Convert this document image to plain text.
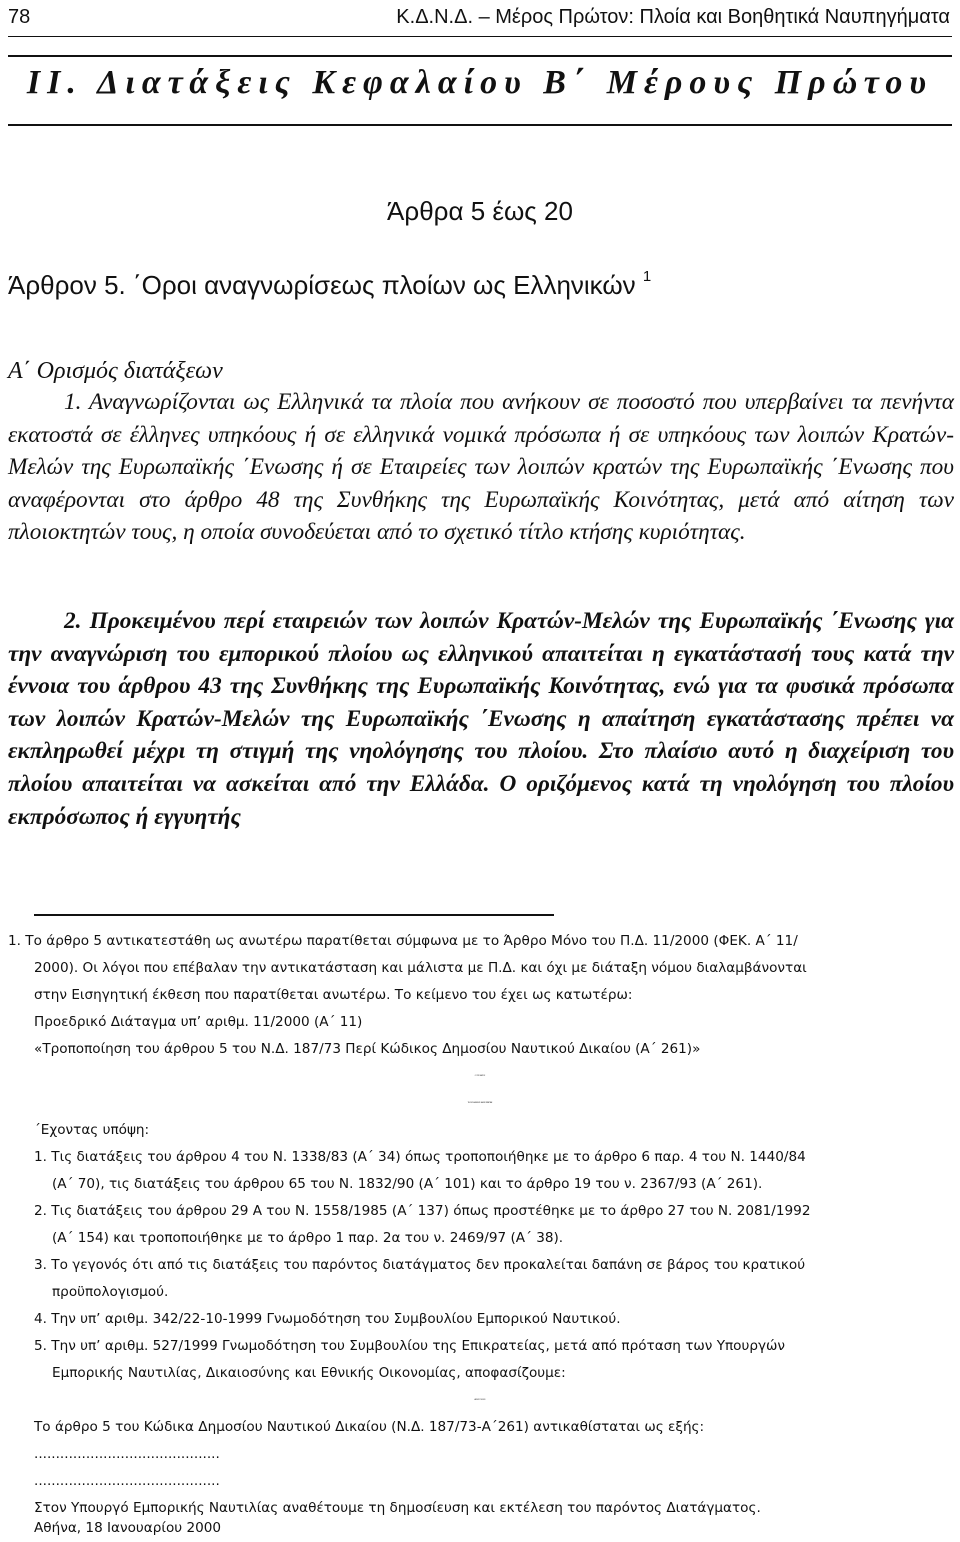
78	Κ.Δ.Ν.Δ. – Μέρος Πρώτον: Πλοία και Βοηθητικά Ναυπηγήματα
ΙΙ. Διατάξεις Κεφαλαίου Β΄ Μέρους Πρώτου
Άρθρα 5 έως 20
Άρθρον 5. ΄Οροι αναγνωρίσεως πλοίων ως Ελληνικών $^1$
Α΄ Ορισμός διατάξεων
1. Αναγνωρίζονται ως Ελληνικά τα πλοία που ανήκουν σε ποσοστό που υπερβαίνει τα πενήντα εκατοστά σε έλληνες υπηκόους ή σε ελληνικά νομικά πρόσωπα ή σε υπηκόους των λοιπών Κρατών-Μελών της Ευρωπαϊκής ΄Ενωσης ή σε Εταιρείες των λοιπών κρατών της Ευρωπαϊκής ΄Ενωσης που αναφέρονται στο άρθρο 48 της Συνθήκης της Ευρωπαϊκής Κοινότητας, μετά από αίτηση των πλοιοκτητών τους, η οποία συνοδεύεται από το σχετικό τίτλο κτήσης κυριότητας.
2. Προκειμένου περί εταιρειών των λοιπών Κρατών-Μελών της Ευρωπαϊκής ΄Ενωσης για την αναγνώριση του εμπορικού πλοίου ως ελληνικού απαιτείται η εγκατάστασή τους κατά την έννοια του άρθρου 43 της Συνθήκης της Ευρωπαϊκής Κοινότητας, ενώ για τα φυσικά πρόσωπα των λοιπών Κρατών-Μελών της Ευρωπαϊκής ΄Ενωσης η απαίτηση εγκατάστασης πρέπει να εκπληρωθεί μέχρι τη στιγμή της νηολόγησης του πλοίου. Στο πλαίσιο αυτό η διαχείριση του πλοίου απαιτείται να ασκείται από την Ελλάδα. Ο οριζόμενος κατά τη νηολόγηση του πλοίου εκπρόσωπος ή εγγυητής
1. Το άρθρο 5 αντικατεστάθη ως ανωτέρω παρατίθεται σύμφωνα με το Άρθρο Μόνο του Π.Δ. 11/2000 (ΦΕΚ. Α΄ 11/
2000). Οι λόγοι που επέβαλαν την αντικατάσταση και μάλιστα με Π.Δ. και όχι με διάταξη νόμου διαλαμβάνονται
στην Εισηγητική έκθεση που παρατίθεται ανωτέρω. Το κείμενο του έχει ως κατωτέρω:
Προεδρικό Διάταγμα υπ’ αριθμ. 11/2000 (Α΄ 11)
«Τροποποίηση του άρθρου 5 του Ν.Δ. 187/73 Περί Κώδικος Δημοσίου Ναυτικού Δικαίου (Α΄ 261)»
Ο ΠΡΟΕΔΡΟΣ
ΤΗΣ ΕΛΛΗΝΙΚΗΣ ΔΗΜΟΚΡΑΤΙΑΣ
΄Εχοντας υπόψη:
1. Τις διατάξεις του άρθρου 4 του Ν. 1338/83 (Α΄ 34) όπως τροποποιήθηκε με το άρθρο 6 παρ. 4 του Ν. 1440/84
(Α΄ 70), τις διατάξεις του άρθρου 65 του Ν. 1832/90 (Α΄ 101) και το άρθρο 19 του ν. 2367/93 (Α΄ 261).
2. Τις διατάξεις του άρθρου 29 Α του Ν. 1558/1985 (Α΄ 137) όπως προστέθηκε με το άρθρο 27 του Ν. 2081/1992
(Α΄ 154) και τροποποιήθηκε με το άρθρο 1 παρ. 2α του ν. 2469/97 (Α΄ 38).
3. Το γεγονός ότι από τις διατάξεις του παρόντος διατάγματος δεν προκαλείται δαπάνη σε βάρος του κρατικού
προϋπολογισμού.
4. Την υπ’ αριθμ. 342/22-10-1999 Γνωμοδότηση του Συμβουλίου Εμπορικού Ναυτικού.
5. Την υπ’ αριθμ. 527/1999 Γνωμοδότηση του Συμβουλίου της Επικρατείας, μετά από πρόταση των Υπουργών
Εμπορικής Ναυτιλίας, Δικαιοσύνης και Εθνικής Οικονομίας, αποφασίζουμε:
ΑΡΘΡΟ ΜΟΝΟ
Το άρθρο 5 του Κώδικα Δημοσίου Ναυτικού Δικαίου (Ν.Δ. 187/73-Α΄261) αντικαθίσταται ως εξής:
...........................................
...........................................
Στον Υπουργό Εμπορικής Ναυτιλίας αναθέτουμε τη δημοσίευση και εκτέλεση του παρόντος Διατάγματος.
Αθήνα, 18 Ιανουαρίου 2000
